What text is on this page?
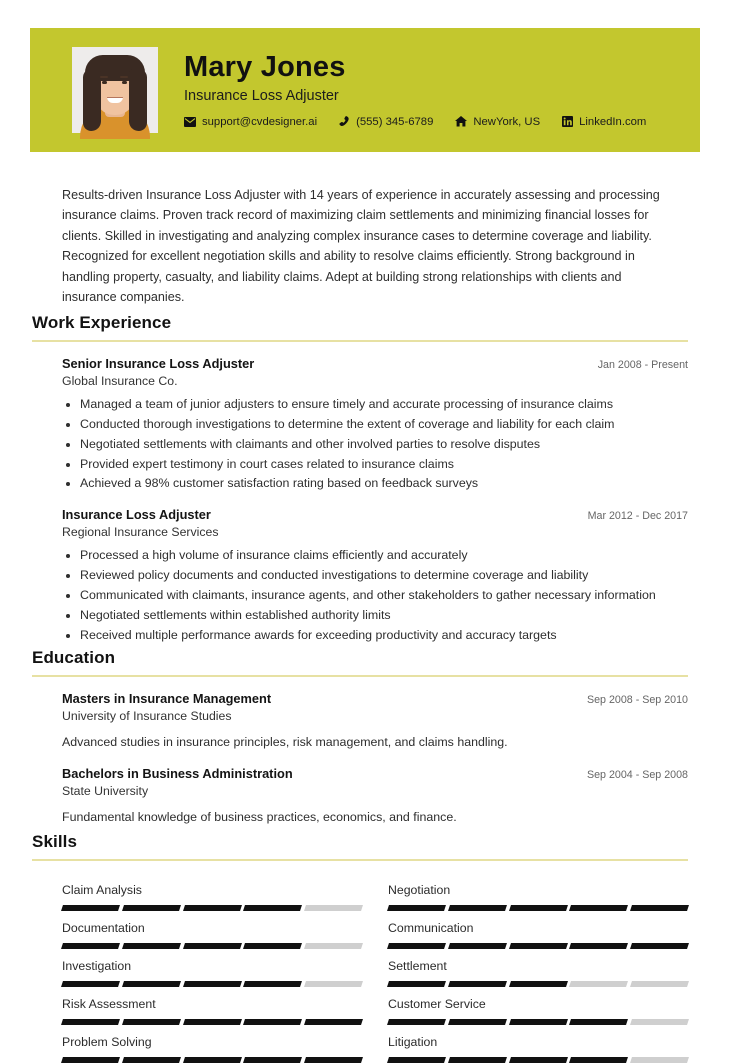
Mary Jones
Insurance Loss Adjuster
support@cvdesigner.ai	(555) 345-6789	NewYork, US	LinkedIn.com
Results-driven Insurance Loss Adjuster with 14 years of experience in accurately assessing and processing insurance claims. Proven track record of maximizing claim settlements and minimizing financial losses for clients. Skilled in investigating and analyzing complex insurance cases to determine coverage and liability. Recognized for excellent negotiation skills and ability to resolve claims efficiently. Strong background in handling property, casualty, and liability claims. Adept at building strong relationships with clients and insurance companies.
Work Experience
Senior Insurance Loss Adjuster	Jan 2008 - Present
Global Insurance Co.
• Managed a team of junior adjusters to ensure timely and accurate processing of insurance claims
• Conducted thorough investigations to determine the extent of coverage and liability for each claim
• Negotiated settlements with claimants and other involved parties to resolve disputes
• Provided expert testimony in court cases related to insurance claims
• Achieved a 98% customer satisfaction rating based on feedback surveys
Insurance Loss Adjuster	Mar 2012 - Dec 2017
Regional Insurance Services
• Processed a high volume of insurance claims efficiently and accurately
• Reviewed policy documents and conducted investigations to determine coverage and liability
• Communicated with claimants, insurance agents, and other stakeholders to gather necessary information
• Negotiated settlements within established authority limits
• Received multiple performance awards for exceeding productivity and accuracy targets
Education
Masters in Insurance Management	Sep 2008 - Sep 2010
University of Insurance Studies
Advanced studies in insurance principles, risk management, and claims handling.
Bachelors in Business Administration	Sep 2004 - Sep 2008
State University
Fundamental knowledge of business practices, economics, and finance.
Skills
Claim Analysis	Negotiation
Documentation	Communication
Investigation	Settlement
Risk Assessment	Customer Service
Problem Solving	Litigation
